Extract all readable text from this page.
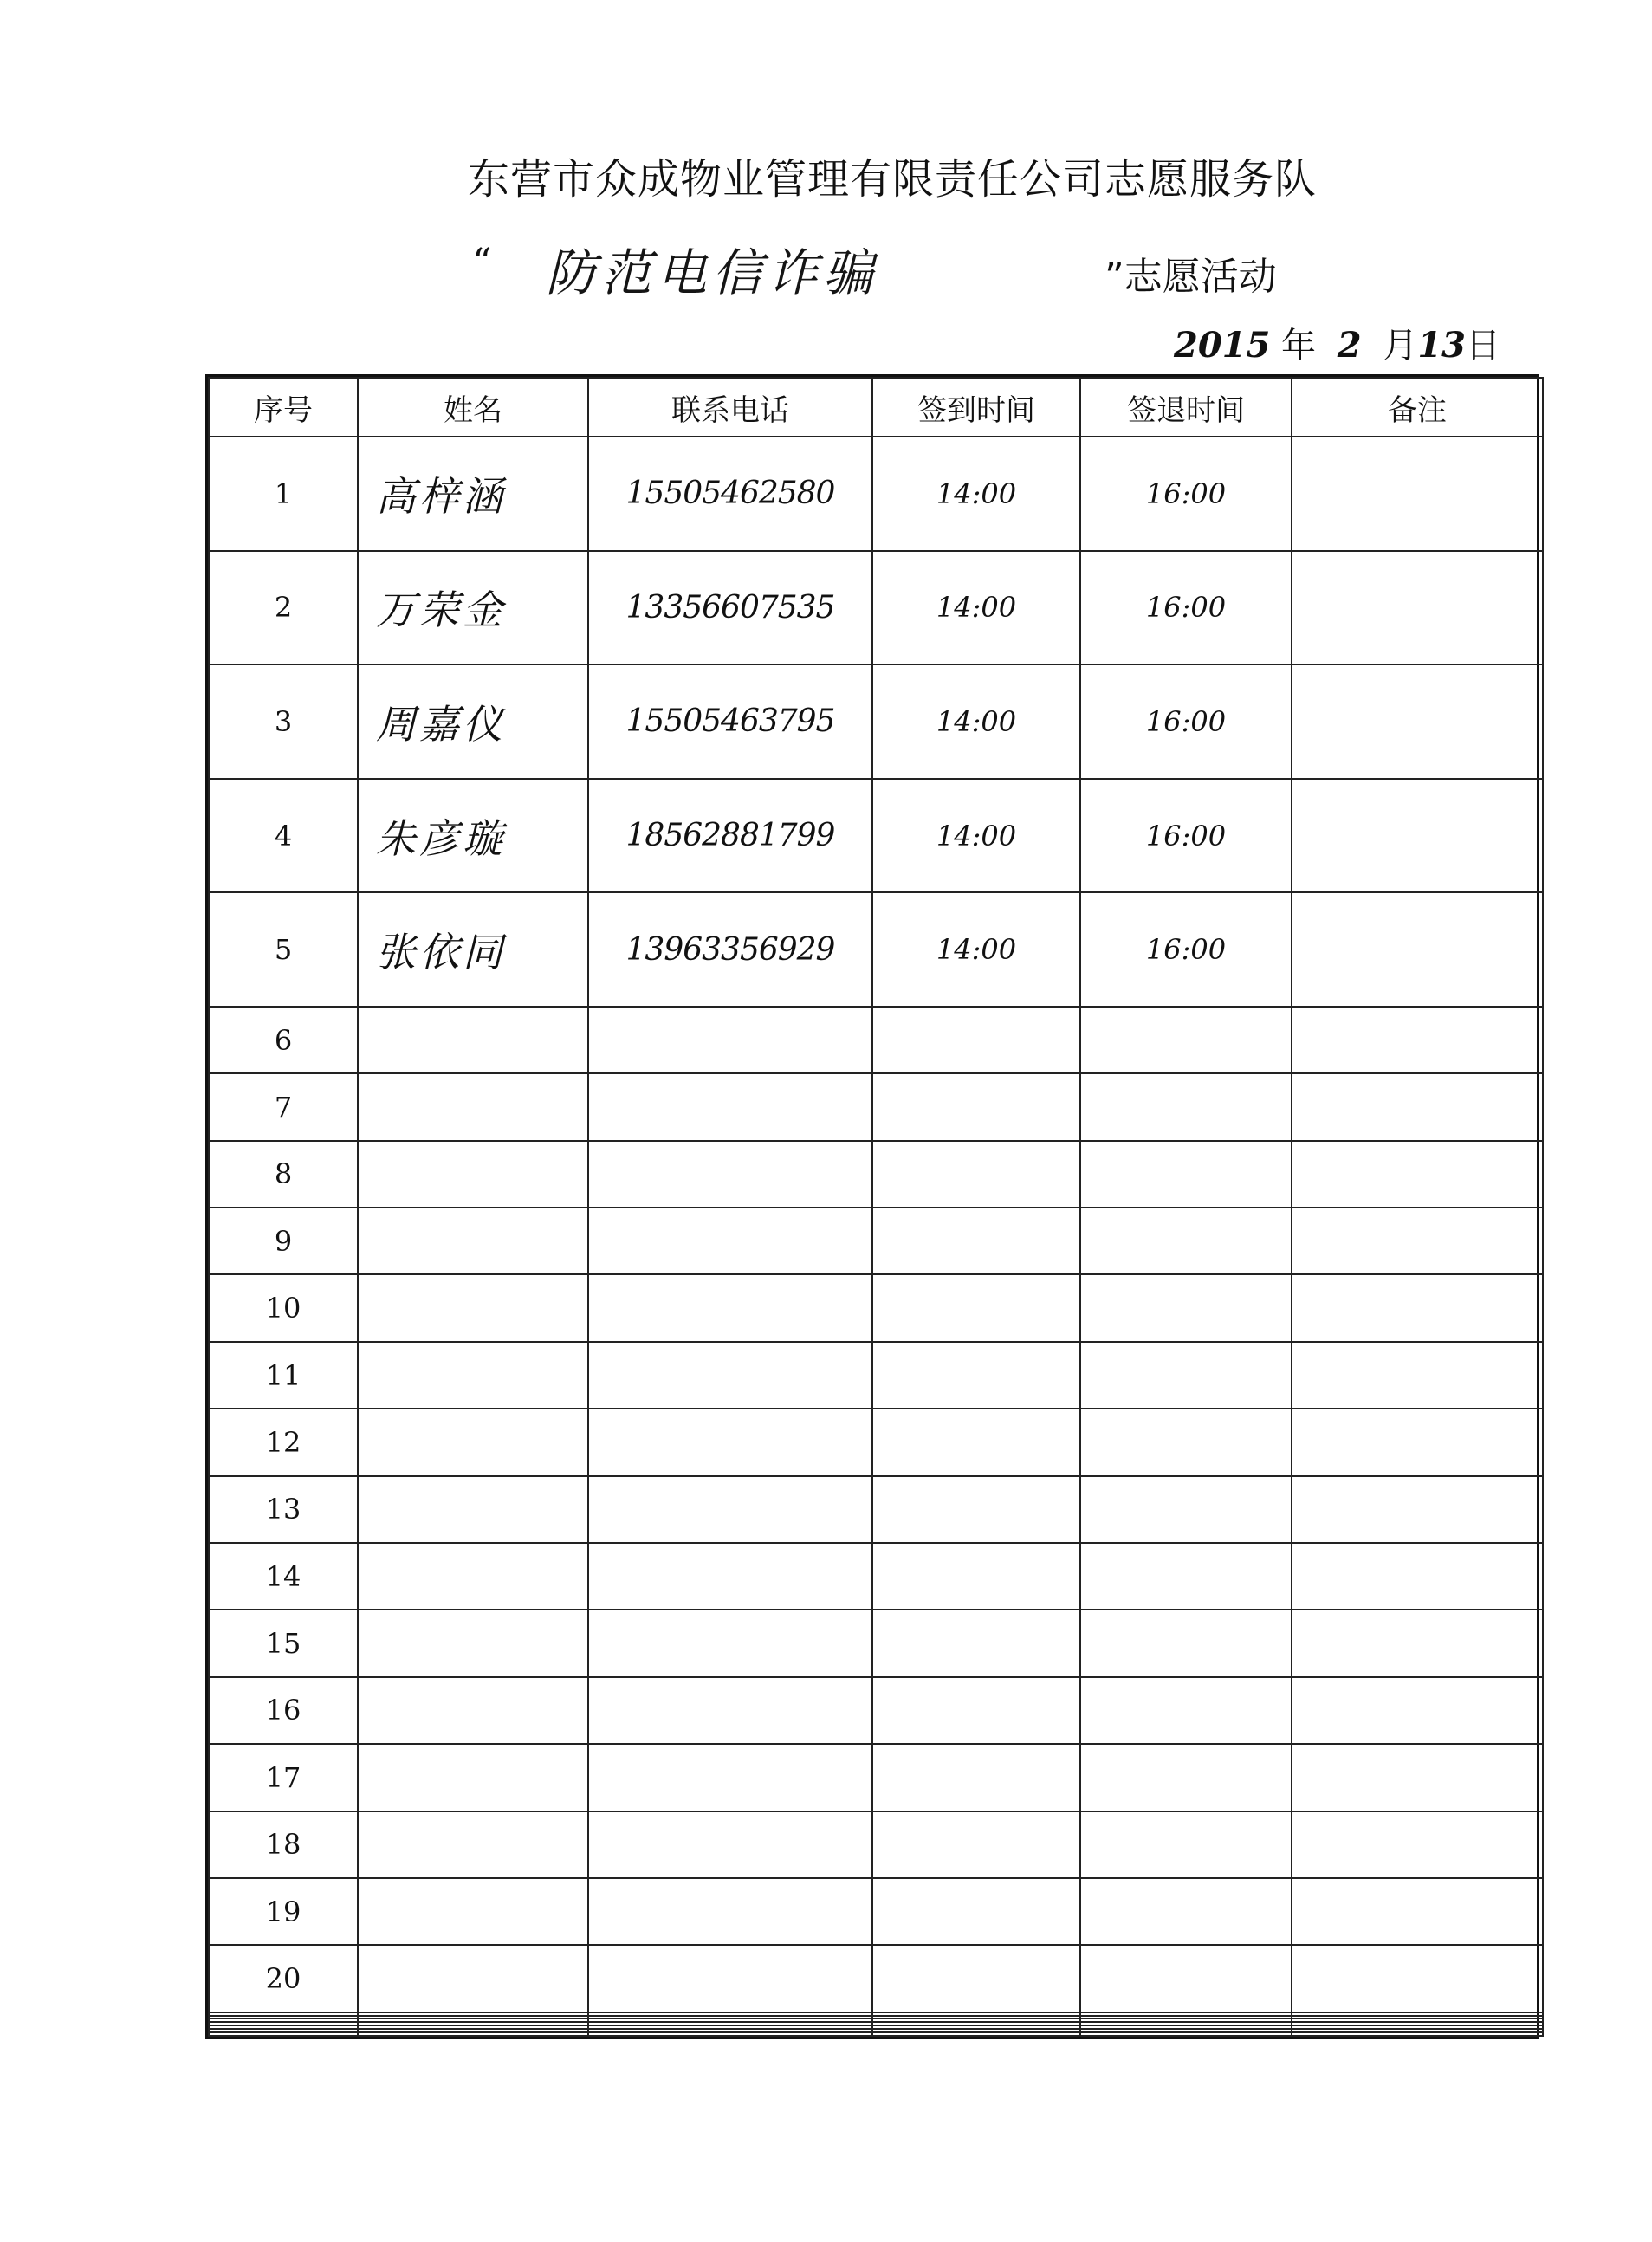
东营市众成物业管理有限责任公司志愿服务队
“ 防范电信诈骗	”志愿活动
2015 年 2 月13日
序号	姓名	联系电话	签到时间	签退时间	备注
1	高梓涵	15505462580	14:00	16:00	
2	万荣金	13356607535	14:00	16:00	
3	周嘉仪	15505463795	14:00	16:00	
4	朱彦璇	18562881799	14:00	16:00	
5	张依同	13963356929	14:00	16:00	
6					
7					
8					
9					
10					
11					
12					
13					
14					
15					
16					
17					
18					
19					
20					
